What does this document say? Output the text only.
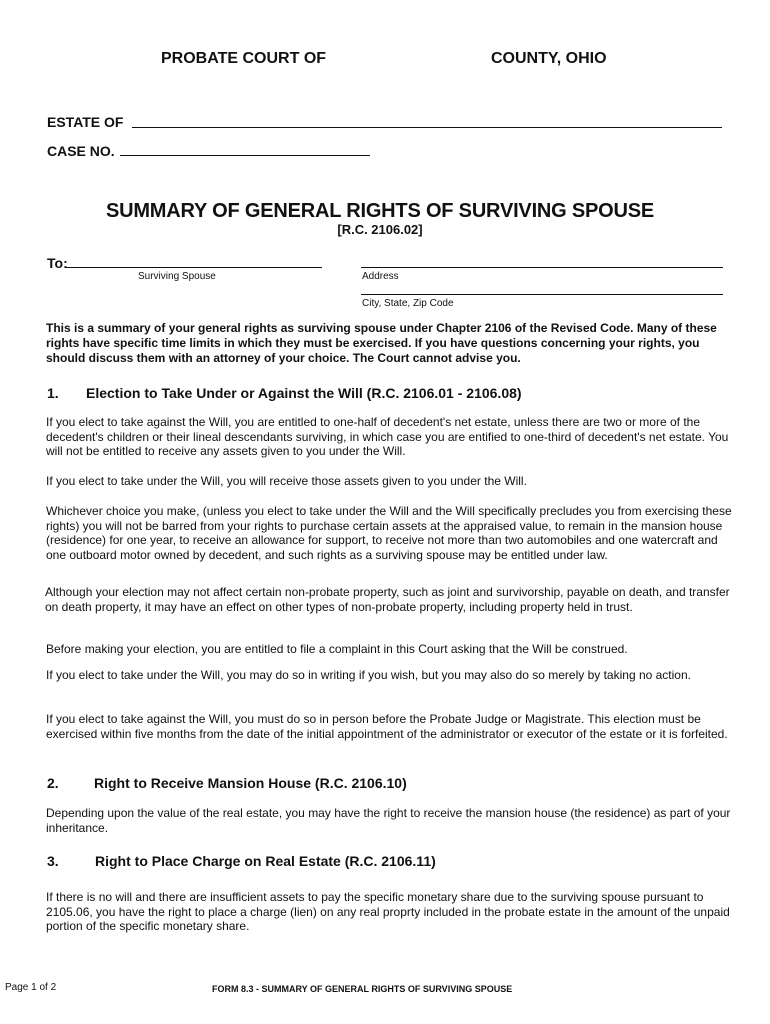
PROBATE COURT OF	COUNTY, OHIO
ESTATE OF
CASE NO.
SUMMARY OF GENERAL RIGHTS OF SURVIVING SPOUSE
[R.C. 2106.02]
To:
Surviving Spouse	Address
City, State, Zip Code
This is a summary of your general rights as surviving spouse under Chapter 2106 of the Revised Code. Many of these rights have specific time limits in which they must be exercised. If you have questions concerning your rights, you should discuss them with an attorney of your choice. The Court cannot advise you.
1. Election to Take Under or Against the Will (R.C. 2106.01 - 2106.08)
If you elect to take against the Will, you are entitled to one-half of decedent's net estate, unless there are two or more of the decedent's children or their lineal descendants surviving, in which case you are entified to one-third of decedent's net estate. You will not be entitled to receive any assets given to you under the Will.
If you elect to take under the Will, you will receive those assets given to you under the Will.
Whichever choice you make, (unless you elect to take under the Will and the Will specifically precludes you from exercising these rights) you will not be barred from your rights to purchase certain assets at the appraised value, to remain in the mansion house (residence) for one year, to receive an allowance for support, to receive not more than two automobiles and one watercraft and one outboard motor owned by decedent, and such rights as a surviving spouse may be entitled under law.
Although your election may not affect certain non-probate property, such as joint and survivorship, payable on death, and transfer on death property, it may have an effect on other types of non-probate property, including property held in trust.
Before making your election, you are entitled to file a complaint in this Court asking that the Will be construed.
If you elect to take under the Will, you may do so in writing if you wish, but you may also do so merely by taking no action.
If you elect to take against the Will, you must do so in person before the Probate Judge or Magistrate. This election must be exercised within five months from the date of the initial appointment of the administrator or executor of the estate or it is forfeited.
2.	Right to Receive Mansion House (R.C. 2106.10)
Depending upon the value of the real estate, you may have the right to receive the mansion house (the residence) as part of your inheritance.
3.	Right to Place Charge on Real Estate (R.C. 2106.11)
If there is no will and there are insufficient assets to pay the specific monetary share due to the surviving spouse pursuant to 2105.06, you have the right to place a charge (lien) on any real proprty included in the probate estate in the amount of the unpaid portion of the specific monetary share.
Page 1 of 2	FORM 8.3 - SUMMARY OF GENERAL RIGHTS OF SURVIVING SPOUSE
